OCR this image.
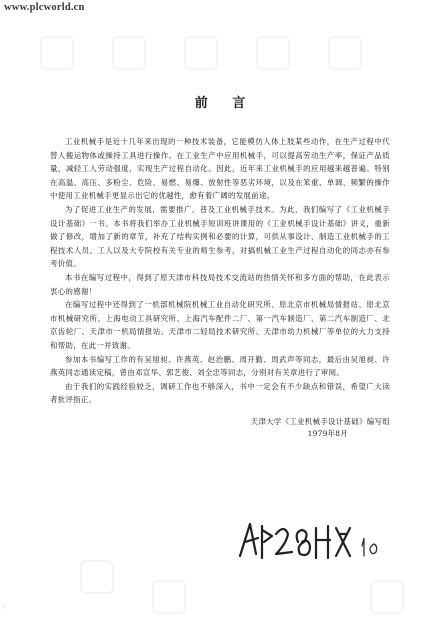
www.plcworld.cn
前 言

工业机械手是近十几年来出现的一种技术装备，它能模仿人体上肢某些动作，在生产过程中代替人搬运物体或操持工具进行操作。在工业生产中应用机械手，可以提高劳动生产率，保证产品质量，减轻工人劳动强度，实现生产过程自动化。因此，近年来工业机械手的应用越来越普遍。特别在高温、高压、多粉尘、危险、易燃、易爆、放射性等恶劣环境，以及在笨重、单调、频繁的操作中使用工业机械手更显示出它的优越性，愈有着广阔的发展前途。

为了促进工业生产的发展，需要推广、普及工业机械手技术。为此，我们编写了《工业机械手设计基础》一书。本书将我们举办工业机械手短训班讲课用的《工业机械手设计基础》讲义，重新做了修改，增加了新的章节，补充了结构实例和必要的计算，可供从事设计、制造工业机械手的工程技术人员、工人以及大专院校有关专业的师生参考，对搞机械工业生产过程自动化的同志亦有参考价值。

本书在编写过程中，得到了原天津市科技局技术交流站的热情关怀和多方面的帮助，在此表示衷心的感谢！

在编写过程中还得到了一机部机械院机械工业自动化研究所、原北京市机械局情报站、原北京市机械研究所、上海电动工具研究所、上海汽车配件二厂、第一汽车制造厂、第二汽车制造厂、北京齿轮厂、天津市一机局情报站、天津市二轻局技术研究所、天津市幼力机械厂等单位的大力支持和帮助，在此一并致谢。

参加本书编写工作的有吴旭昶、许燕英、赵治鹏、周开勤、周武声等同志，最后由吴旭昶、许燕英同志通读定稿，曾由邓宣华、郭艺俊、刘全忠等同志，分别对有关章进行了审阅。

由于我们的实践经验较乏，调研工作也不够深入，书中一定会有不少缺点和错误，希望广大读者批评指正。

天津大学《工业机械手设计基础》编写组
1979年8月
⌐
